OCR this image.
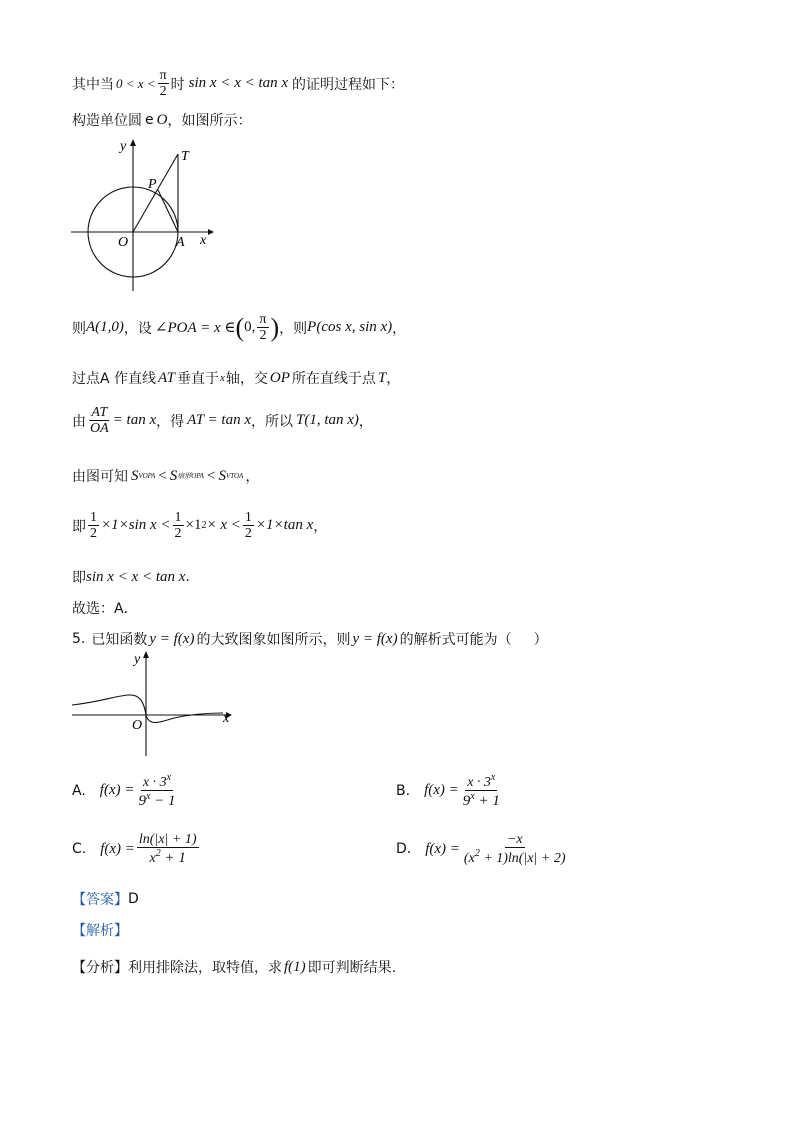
其中当 $0 < x < \frac{\pi}{2}$ 时 sin x < x < tan x 的证明过程如下：
构造单位圆 e O ，如图所示：
y
T
P
O	A x
则 A(1,0) ，设 ∠POA = x ∈ ( 0, $\frac{\pi}{2}$ ) ，则 P(cos x, sin x) ，
过点A 作直线 AT 垂直于 x 轴，交 OP 所在直线于点 T ，
由 $\frac{AT}{OA} = \tan x$ ，得 AT = tan x ，所以 T(1, tan x) ，
由图可知 S VOPA < S 扇形OPA < S VTOA ，
即 $\frac{1}{2} \times 1\times\sin$ $x < \frac{1}{2} \times 1$ $2 \times x < \frac{1}{2} \times 1\times\tan$ x ，
即 sin x < x < tan x .
故选：A．
5. 已知函数 y = f(x) 的大致图象如图所示，则 y = f(x) 的解析式可能为（ ）
y
O	x
A. $f(x) = \frac{x \cdot 3^x}{9^x - 1}$	B. $f(x) = \frac{x \cdot 3^x}{9^x + 1}$
C. $f(x) = \frac{\ln(|x| + 1)}{x^2 + 1}$	D. $f(x) = \frac{-x}{(x^2 + 1)\ln(|x| + 2)}$
【答案】 D
【解析】
【分析】 利用排除法，取特值，求 f(1) 即可判断结果.
